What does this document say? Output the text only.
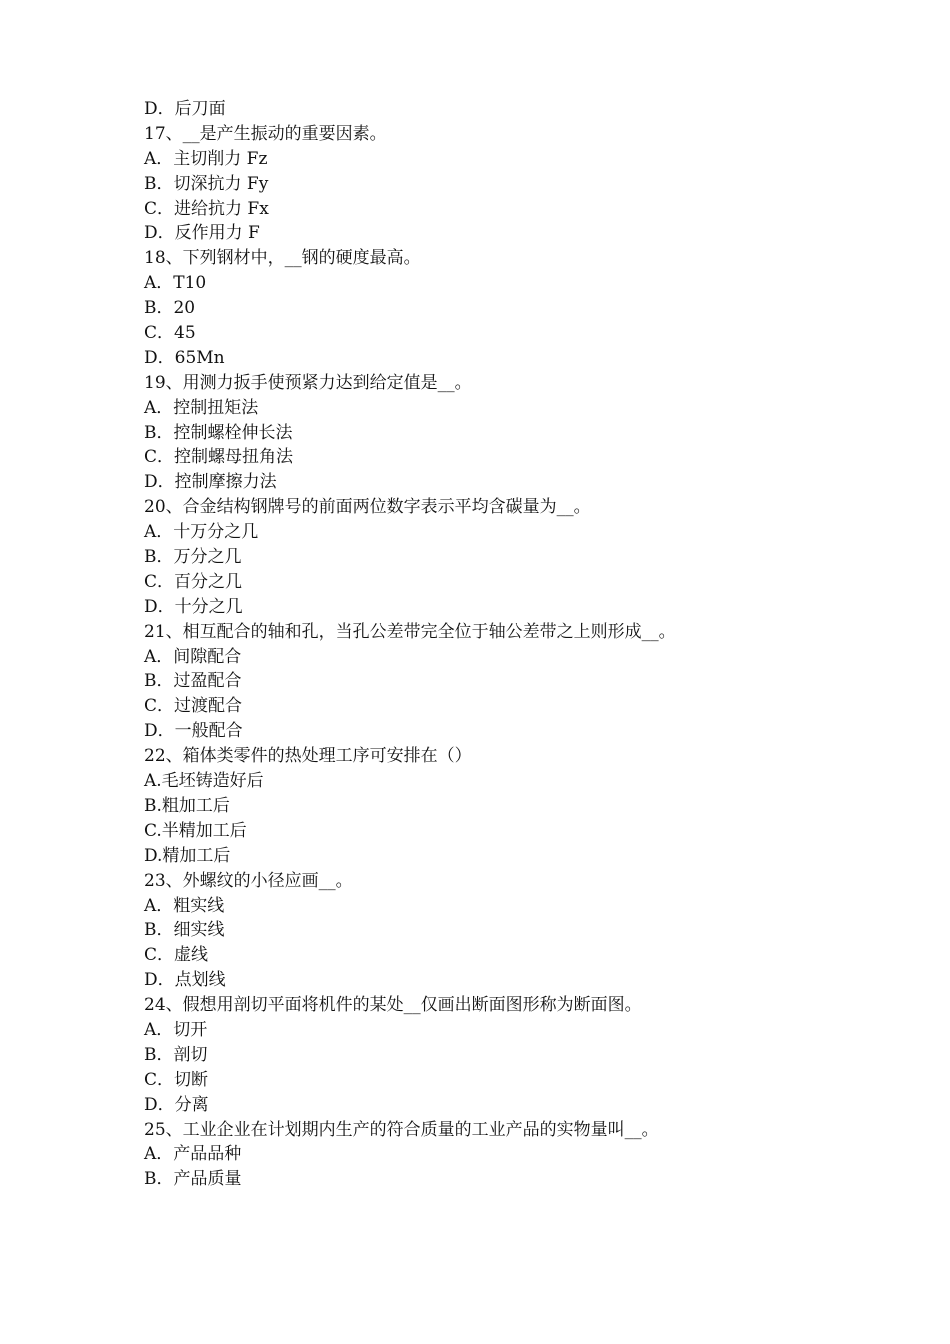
D．后刀面
17、__是产生振动的重要因素。
A．主切削力 Fz
B．切深抗力 Fy
C．进给抗力 Fx
D．反作用力 F
18、下列钢材中，__钢的硬度最高。
A．T10
B．20
C．45
D．65Mn
19、用测力扳手使预紧力达到给定值是__。
A．控制扭矩法
B．控制螺栓伸长法
C．控制螺母扭角法
D．控制摩擦力法
20、合金结构钢牌号的前面两位数字表示平均含碳量为__。
A．十万分之几
B．万分之几
C．百分之几
D．十分之几
21、相互配合的轴和孔，当孔公差带完全位于轴公差带之上则形成__。
A．间隙配合
B．过盈配合
C．过渡配合
D．一般配合
22、箱体类零件的热处理工序可安排在（）
A.毛坯铸造好后
B.粗加工后
C.半精加工后
D.精加工后
23、外螺纹的小径应画__。
A．粗实线
B．细实线
C．虚线
D．点划线
24、假想用剖切平面将机件的某处__仅画出断面图形称为断面图。
A．切开
B．剖切
C．切断
D．分离
25、工业企业在计划期内生产的符合质量的工业产品的实物量叫__。
A．产品品种
B．产品质量
